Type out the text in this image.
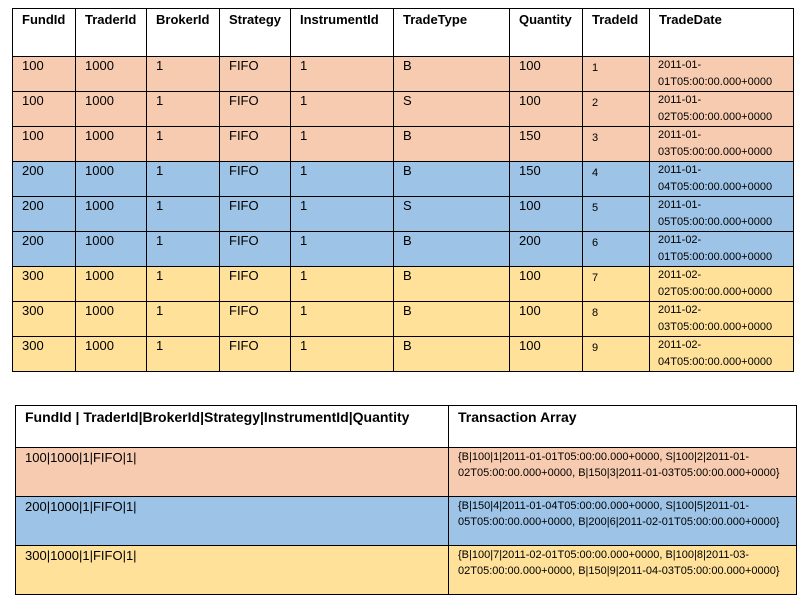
FundId	TraderId	BrokerId	Strategy	InstrumentId	TradeType	Quantity	TradeId	TradeDate
100	1000	1	FIFO	1	B	100	1	2011-01-01T05:00:00.000+0000
100	1000	1	FIFO	1	S	100	2	2011-01-02T05:00:00.000+0000
100	1000	1	FIFO	1	B	150	3	2011-01-03T05:00:00.000+0000
200	1000	1	FIFO	1	B	150	4	2011-01-04T05:00:00.000+0000
200	1000	1	FIFO	1	S	100	5	2011-01-05T05:00:00.000+0000
200	1000	1	FIFO	1	B	200	6	2011-02-01T05:00:00.000+0000
300	1000	1	FIFO	1	B	100	7	2011-02-02T05:00:00.000+0000
300	1000	1	FIFO	1	B	100	8	2011-02-03T05:00:00.000+0000
300	1000	1	FIFO	1	B	100	9	2011-02-04T05:00:00.000+0000
FundId | TraderId|BrokerId|Strategy|InstrumentId|Quantity	Transaction Array
100|1000|1|FIFO|1|	{B|100|1|2011-01-01T05:00:00.000+0000, S|100|2|2011-01-02T05:00:00.000+0000, B|150|3|2011-01-03T05:00:00.000+0000}
200|1000|1|FIFO|1|	{B|150|4|2011-01-04T05:00:00.000+0000, S|100|5|2011-01-05T05:00:00.000+0000, B|200|6|2011-02-01T05:00:00.000+0000}
300|1000|1|FIFO|1|	{B|100|7|2011-02-01T05:00:00.000+0000, B|100|8|2011-03-02T05:00:00.000+0000, B|150|9|2011-04-03T05:00:00.000+0000}
